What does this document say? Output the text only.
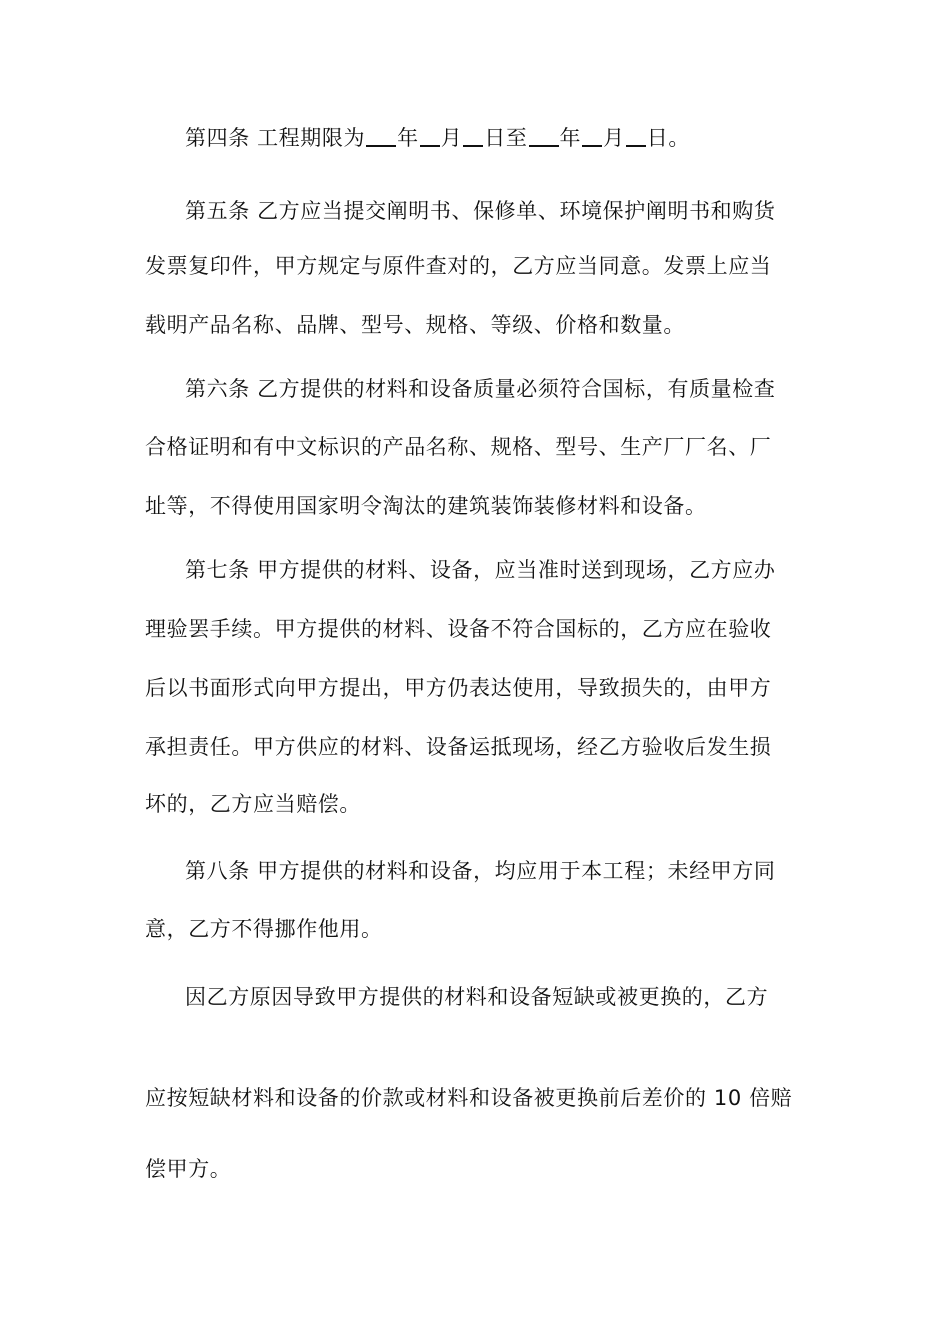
第四条 工程期限为 年 月 日至 年 月 日。
第五条 乙方应当提交阐明书、保修单、环境保护阐明书和购货
发票复印件，甲方规定与原件查对的，乙方应当同意。发票上应当
载明产品名称、品牌、型号、规格、等级、价格和数量。
第六条 乙方提供的材料和设备质量必须符合国标，有质量检查
合格证明和有中文标识的产品名称、规格、型号、生产厂厂名、厂
址等，不得使用国家明令淘汰的建筑装饰装修材料和设备。
第七条 甲方提供的材料、设备，应当准时送到现场，乙方应办
理验罢手续。甲方提供的材料、设备不符合国标的，乙方应在验收
后以书面形式向甲方提出，甲方仍表达使用，导致损失的，由甲方
承担责任。甲方供应的材料、设备运抵现场，经乙方验收后发生损
坏的，乙方应当赔偿。
第八条 甲方提供的材料和设备，均应用于本工程；未经甲方同
意，乙方不得挪作他用。
因乙方原因导致甲方提供的材料和设备短缺或被更换的，乙方
应按短缺材料和设备的价款或材料和设备被更换前后差价的 10 倍赔
偿甲方。
